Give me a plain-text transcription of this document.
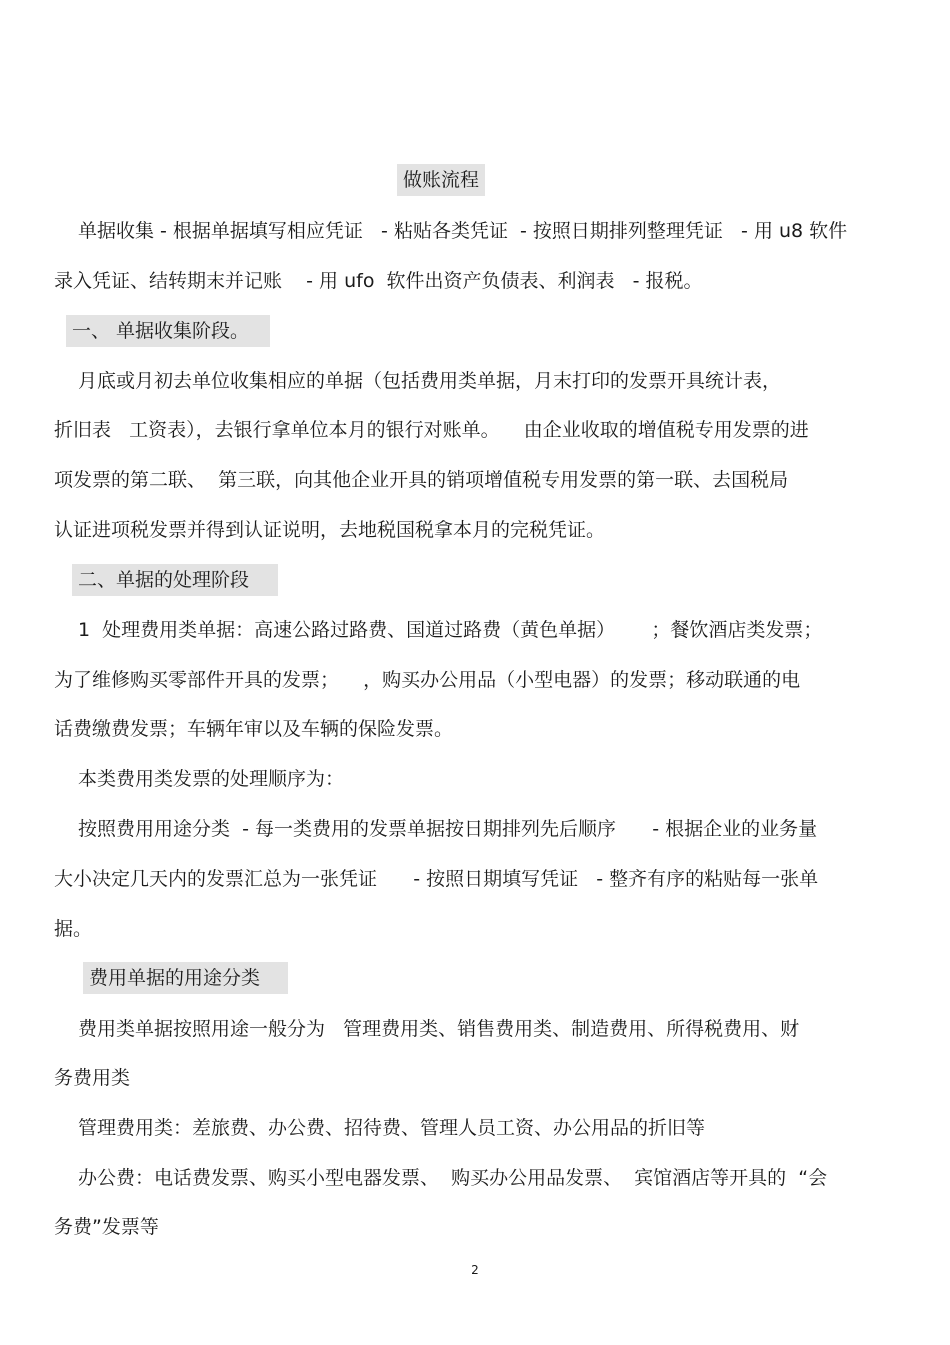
做账流程
单据收集 - 根据单据填写相应凭证   - 粘贴各类凭证  - 按照日期排列整理凭证   - 用 u8 软件
录入凭证、结转期末并记账    - 用 ufo  软件出资产负债表、利润表   - 报税。
一、 单据收集阶段。
月底或月初去单位收集相应的单据（包括费用类单据，月末打印的发票开具统计表，
折旧表   工资表），去银行拿单位本月的银行对账单。    由企业收取的增值税专用发票的进
项发票的第二联、  第三联，向其他企业开具的销项增值税专用发票的第一联、去国税局
认证进项税发票并得到认证说明，去地税国税拿本月的完税凭证。
二、单据的处理阶段
1  处理费用类单据：高速公路过路费、国道过路费（黄色单据）      ；餐饮酒店类发票；
为了维修购买零部件开具的发票；    ，购买办公用品（小型电器）的发票；移动联通的电
话费缴费发票；车辆年审以及车辆的保险发票。
本类费用类发票的处理顺序为：
按照费用用途分类  - 每一类费用的发票单据按日期排列先后顺序      - 根据企业的业务量
大小决定几天内的发票汇总为一张凭证      - 按照日期填写凭证   - 整齐有序的粘贴每一张单
据。
费用单据的用途分类
费用类单据按照用途一般分为   管理费用类、销售费用类、制造费用、所得税费用、财
务费用类
管理费用类：差旅费、办公费、招待费、管理人员工资、办公用品的折旧等
办公费：电话费发票、购买小型电器发票、  购买办公用品发票、  宾馆酒店等开具的  “会
务费”发票等
2
